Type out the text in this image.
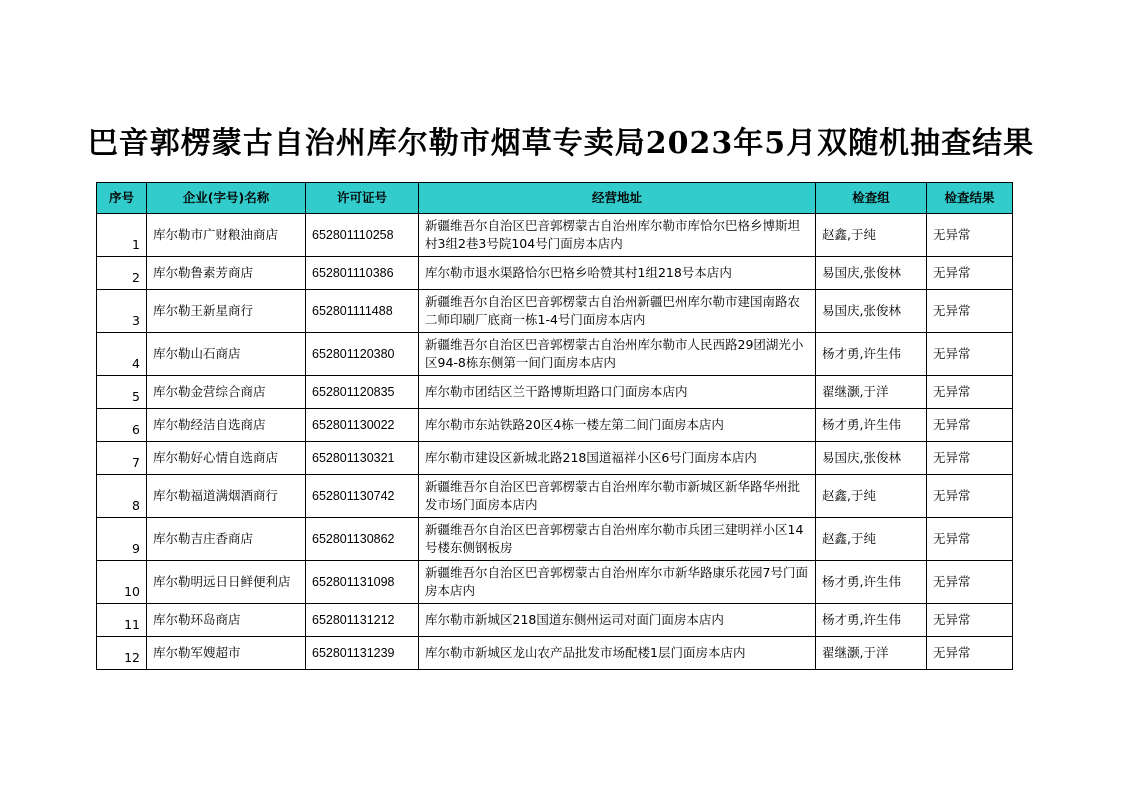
巴音郭楞蒙古自治州库尔勒市烟草专卖局2023年5月双随机抽查结果
序号	企业(字号)名称	许可证号	经营地址	检查组	检查结果
1	库尔勒市广财粮油商店	652801110258	新疆维吾尔自治区巴音郭楞蒙古自治州库尔勒市库恰尔巴格乡博斯坦村3组2巷3号院104号门面房本店内	赵鑫,于纯	无异常
2	库尔勒鲁素芳商店	652801110386	库尔勒市退水渠路恰尔巴格乡哈赞其村1组218号本店内	易国庆,张俊林	无异常
3	库尔勒王新星商行	652801111488	新疆维吾尔自治区巴音郭楞蒙古自治州新疆巴州库尔勒市建国南路农二师印刷厂底商一栋1-4号门面房本店内	易国庆,张俊林	无异常
4	库尔勒山石商店	652801120380	新疆维吾尔自治区巴音郭楞蒙古自治州库尔勒市人民西路29团湖光小区94-8栋东侧第一间门面房本店内	杨才勇,许生伟	无异常
5	库尔勒金营综合商店	652801120835	库尔勒市团结区兰干路博斯坦路口门面房本店内	翟继灏,于洋	无异常
6	库尔勒经洁自选商店	652801130022	库尔勒市东站铁路20区4栋一楼左第二间门面房本店内	杨才勇,许生伟	无异常
7	库尔勒好心情自选商店	652801130321	库尔勒市建设区新城北路218国道福祥小区6号门面房本店内	易国庆,张俊林	无异常
8	库尔勒福道满烟酒商行	652801130742	新疆维吾尔自治区巴音郭楞蒙古自治州库尔勒市新城区新华路华州批发市场门面房本店内	赵鑫,于纯	无异常
9	库尔勒吉庄香商店	652801130862	新疆维吾尔自治区巴音郭楞蒙古自治州库尔勒市兵团三建明祥小区14号楼东侧钢板房	赵鑫,于纯	无异常
10	库尔勒明远日日鲜便利店	652801131098	新疆维吾尔自治区巴音郭楞蒙古自治州库尔市新华路康乐花园7号门面房本店内	杨才勇,许生伟	无异常
11	库尔勒环岛商店	652801131212	库尔勒市新城区218国道东侧州运司对面门面房本店内	杨才勇,许生伟	无异常
12	库尔勒军嫂超市	652801131239	库尔勒市新城区龙山农产品批发市场配楼1层门面房本店内	翟继灏,于洋	无异常
